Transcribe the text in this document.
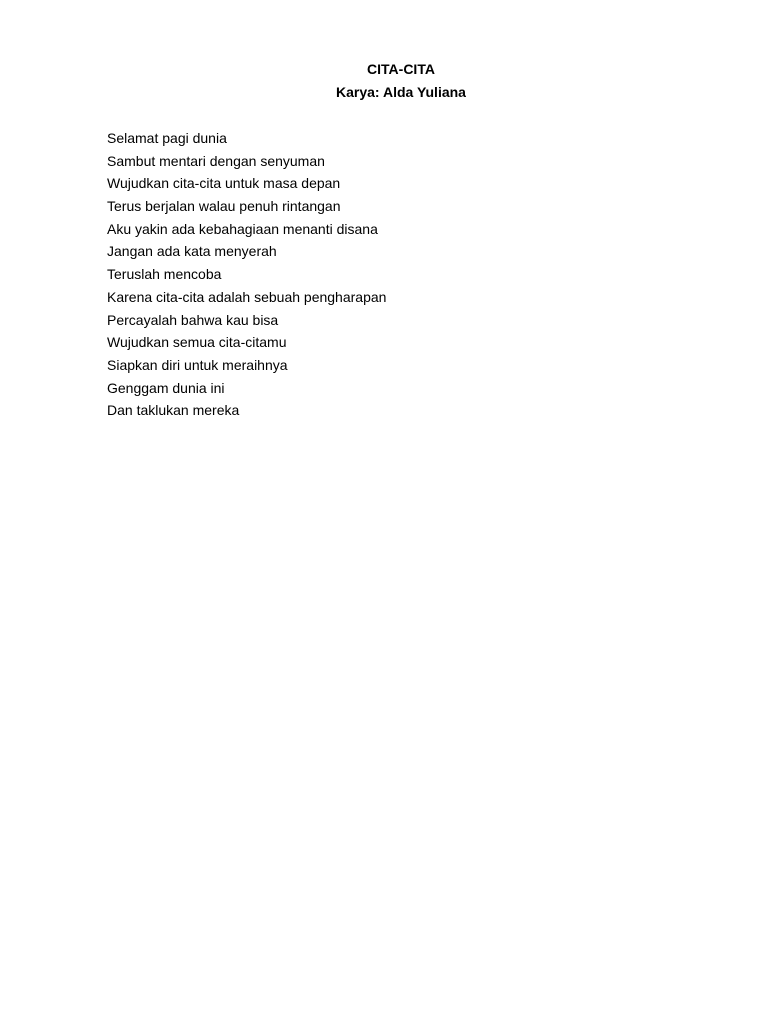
CITA-CITA

Karya: Alda Yuliana

Selamat pagi dunia
Sambut mentari dengan senyuman
Wujudkan cita-cita untuk masa depan
Terus berjalan walau penuh rintangan
Aku yakin ada kebahagiaan menanti disana
Jangan ada kata menyerah
Teruslah mencoba
Karena cita-cita adalah sebuah pengharapan
Percayalah bahwa kau bisa
Wujudkan semua cita-citamu
Siapkan diri untuk meraihnya
Genggam dunia ini
Dan taklukan mereka
